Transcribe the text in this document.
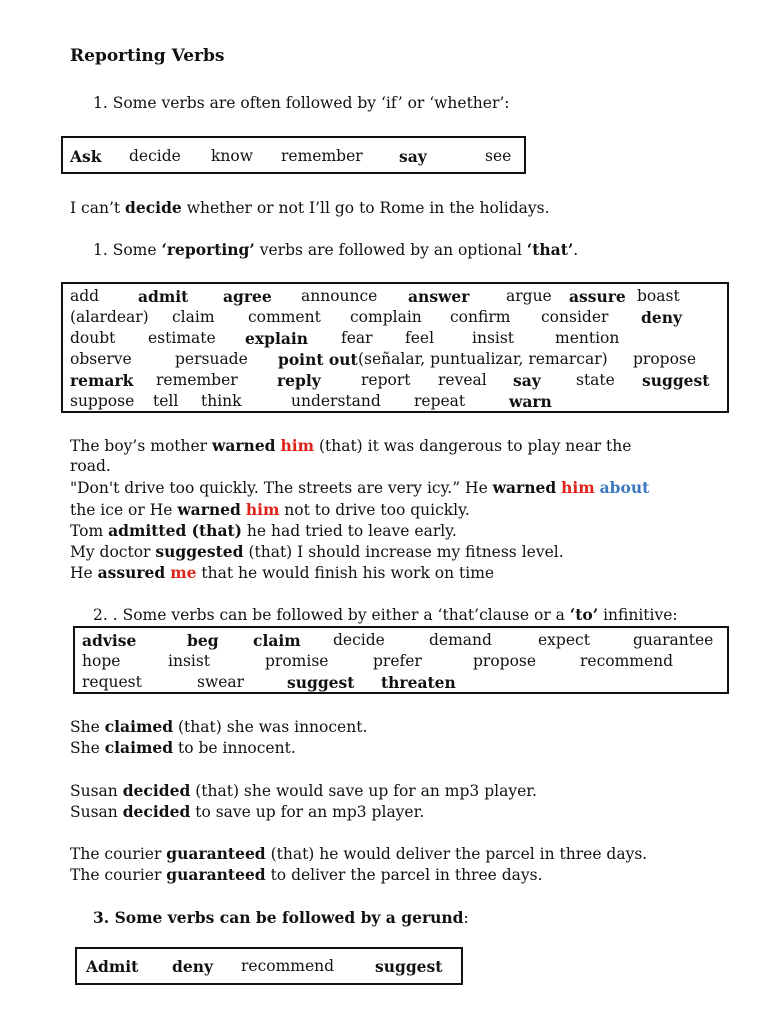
Reporting Verbs
1. Some verbs are often followed by ‘if’ or ‘whether’:
Ask decide know remember say	see
I can’t decide whether or not I’ll go to Rome in the holidays.
1. Some ‘reporting’ verbs are followed by an optional ‘that’.
add	admit agree announce answer argue assure boast
(alardear) claim comment complain confirm consider deny
doubt estimate explain fear feel insist	mention
observe	persuade point out (señalar, puntualizar, remarcar) propose
remark remember	reply	report reveal say state suggest
suppose tell think	understand repeat	warn
The boy’s mother warned him (that) it was dangerous to play near the
road.
"Don't drive too quickly. The streets are very icy.” He warned him about
the ice or He warned him not to drive too quickly.
Tom admitted (that) he had tried to leave early.
My doctor suggested (that) I should increase my fitness level.
He assured me that he would finish his work on time
2. . Some verbs can be followed by either a ‘that’clause or a ‘to’ infinitive:
advise	beg claim decide	demand	expect	guarantee
hope	insist	promise	prefer	propose	recommend
request	swear	suggest threaten
She claimed (that) she was innocent.
She claimed to be innocent.
Susan decided (that) she would save up for an mp3 player.
Susan decided to save up for an mp3 player.
The courier guaranteed (that) he would deliver the parcel in three days.
The courier guaranteed to deliver the parcel in three days.
3. Some verbs can be followed by a gerund:
Admit deny recommend	suggest
